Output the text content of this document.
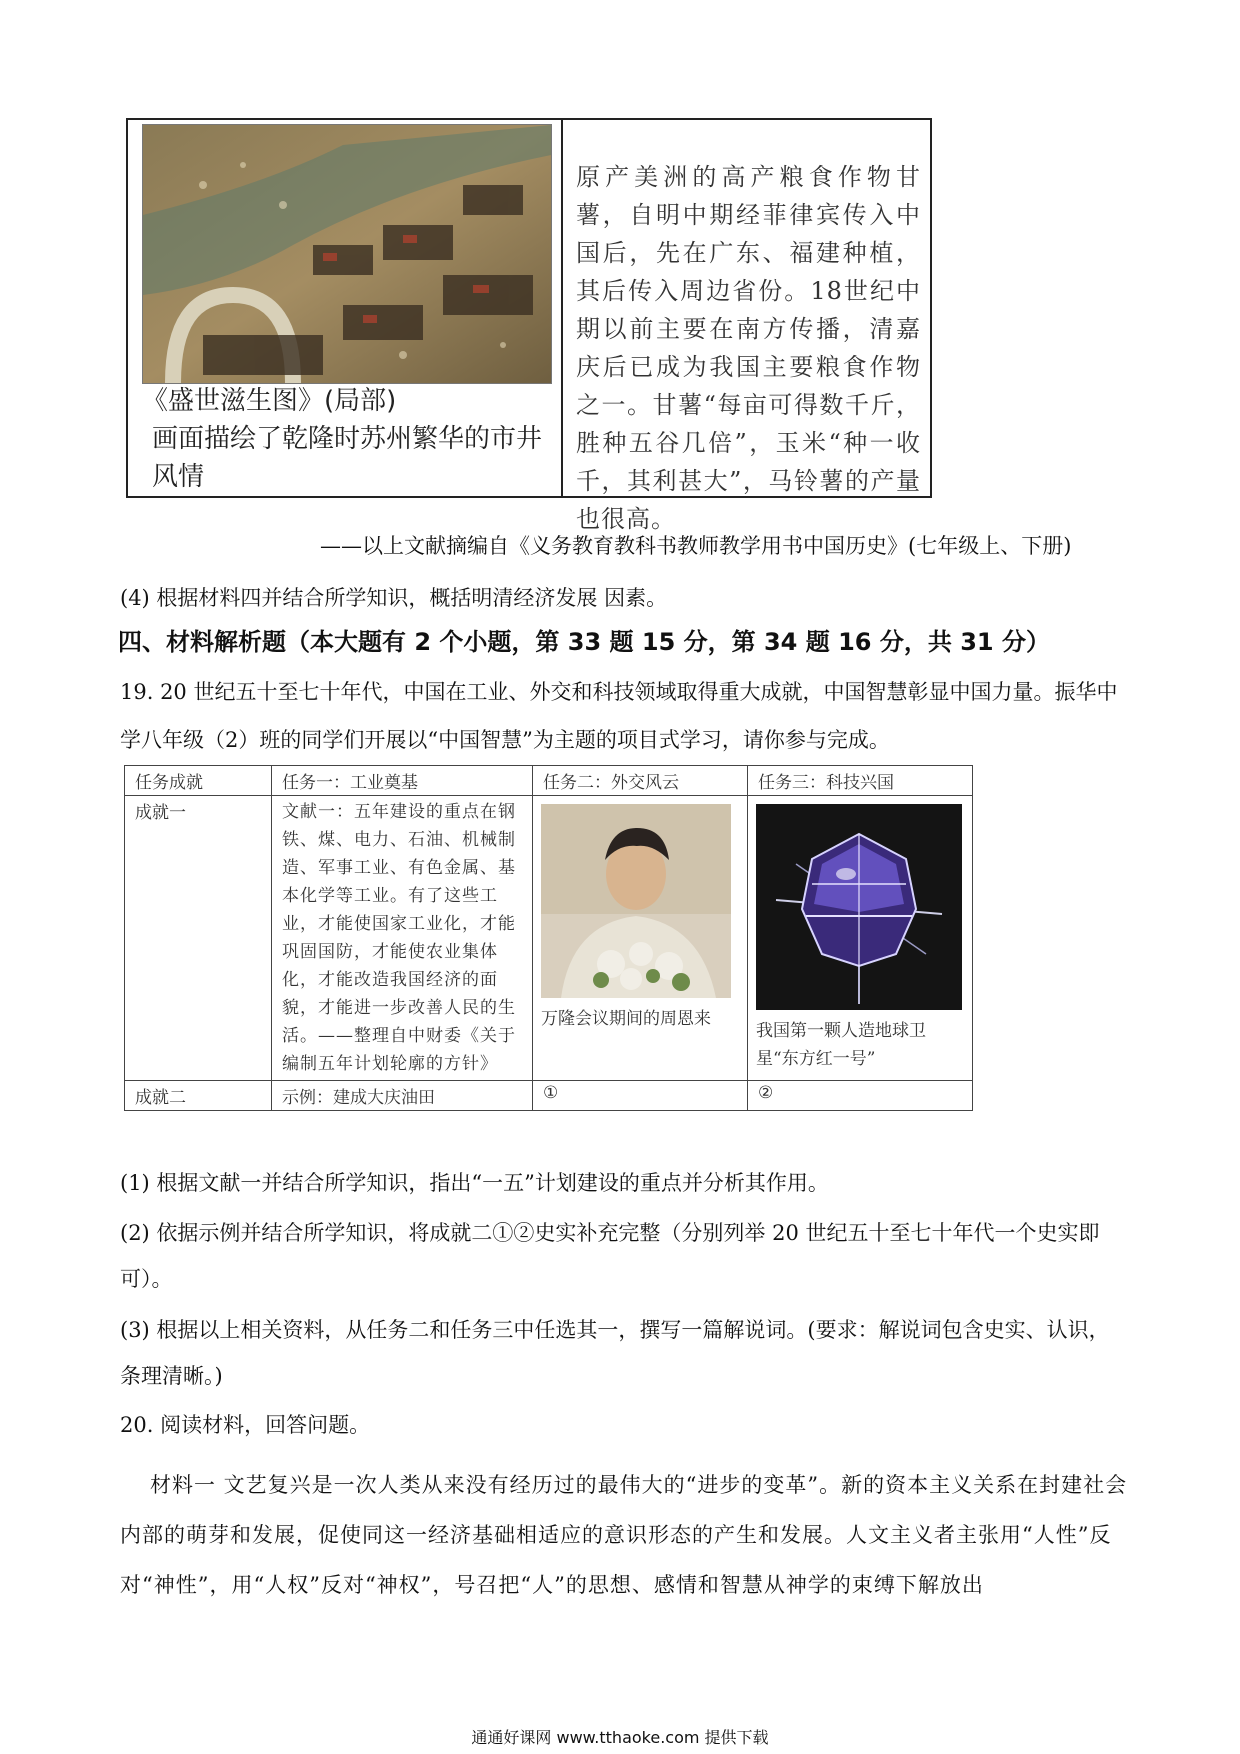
《盛世滋生图》(局部)
画面描绘了乾隆时苏州繁华的市井风情
原产美洲的高产粮食作物甘薯，自明中期经菲律宾传入中国后，先在广东、福建种植，其后传入周边省份。18世纪中期以前主要在南方传播，清嘉庆后已成为我国主要粮食作物之一。甘薯“每亩可得数千斤，胜种五谷几倍”，玉米“种一收千，其利甚大”，马铃薯的产量也很高。
——以上文献摘编自《义务教育教科书教师教学用书中国历史》(七年级上、下册)
(4) 根据材料四并结合所学知识，概括明清经济发展 因素。
四、材料解析题（本大题有 2 个小题，第 33 题 15 分，第 34 题 16 分，共 31 分）
19. 20 世纪五十至七十年代，中国在工业、外交和科技领域取得重大成就，中国智慧彰显中国力量。振华中学八年级（2）班的同学们开展以“中国智慧”为主题的项目式学习，请你参与完成。
任务成就	任务一：工业奠基	任务二：外交风云	任务三：科技兴国
成就一	文献一：五年建设的重点在钢铁、煤、电力、石油、机械制造、军事工业、有色金属、基本化学等工业。有了这些工业，才能使国家工业化，才能巩固国防，才能使农业集体化，才能改造我国经济的面貌，才能进一步改善人民的生活。——整理自中财委《关于编制五年计划轮廓的方针》	万隆会议期间的周恩来	我国第一颗人造地球卫星“东方红一号”

成就二	示例：建成大庆油田	①	②
(1) 根据文献一并结合所学知识，指出“一五”计划建设的重点并分析其作用。
(2) 依据示例并结合所学知识，将成就二①②史实补充完整（分别列举 20 世纪五十至七十年代一个史实即可）。
(3) 根据以上相关资料，从任务二和任务三中任选其一，撰写一篇解说词。(要求：解说词包含史实、认识，条理清晰。)
20. 阅读材料，回答问题。
材料一 文艺复兴是一次人类从来没有经历过的最伟大的“进步的变革”。新的资本主义关系在封建社会内部的萌芽和发展，促使同这一经济基础相适应的意识形态的产生和发展。人文主义者主张用“人性”反对“神性”，用“人权”反对“神权”，号召把“人”的思想、感情和智慧从神学的束缚下解放出
通通好课网 www.tthaoke.com 提供下载
